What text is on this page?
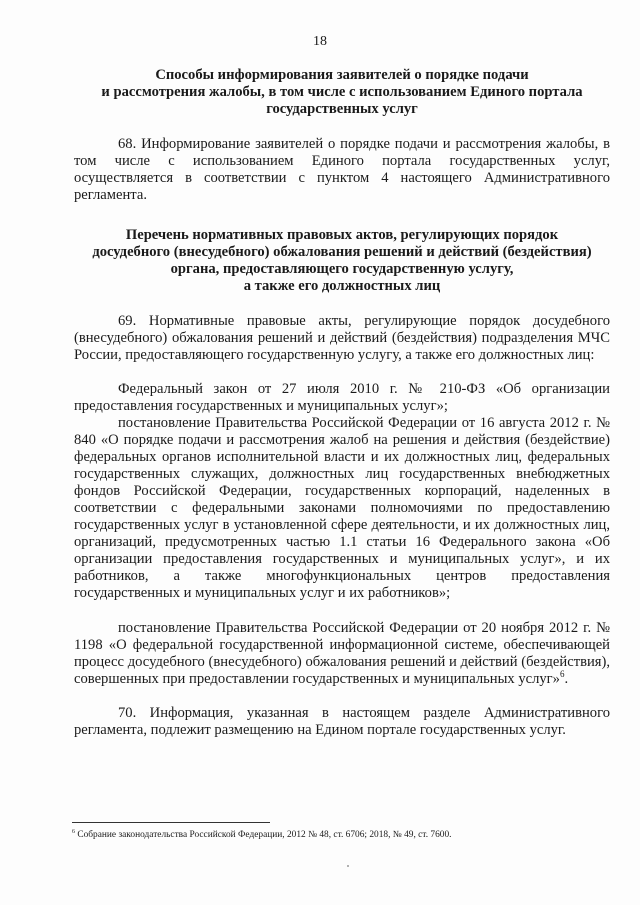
18
Способы информирования заявителей о порядке подачи
и рассмотрения жалобы, в том числе с использованием Единого портала
государственных услуг
68. Информирование заявителей о порядке подачи и рассмотрения жалобы, в том числе с использованием Единого портала государственных услуг, осуществляется в соответствии с пунктом 4 настоящего Административного регламента.
Перечень нормативных правовых актов, регулирующих порядок
досудебного (внесудебного) обжалования решений и действий (бездействия)
органа, предоставляющего государственную услугу,
а также его должностных лиц
69. Нормативные правовые акты, регулирующие порядок досудебного (внесудебного) обжалования решений и действий (бездействия) подразделения МЧС России, предоставляющего государственную услугу, а также его должностных лиц:
Федеральный закон от 27 июля 2010 г. № 210-ФЗ «Об организации предоставления государственных и муниципальных услуг»;
постановление Правительства Российской Федерации от 16 августа 2012 г. № 840 «О порядке подачи и рассмотрения жалоб на решения и действия (бездействие) федеральных органов исполнительной власти и их должностных лиц, федеральных государственных служащих, должностных лиц государственных внебюджетных фондов Российской Федерации, государственных корпораций, наделенных в соответствии с федеральными законами полномочиями по предоставлению государственных услуг в установленной сфере деятельности, и их должностных лиц, организаций, предусмотренных частью 1.1 статьи 16 Федерального закона «Об организации предоставления государственных и муниципальных услуг», и их работников, а также многофункциональных центров предоставления государственных и муниципальных услуг и их работников»;
постановление Правительства Российской Федерации от 20 ноября 2012 г. № 1198 «О федеральной государственной информационной системе, обеспечивающей процесс досудебного (внесудебного) обжалования решений и действий (бездействия), совершенных при предоставлении государственных и муниципальных услуг»$^6$.
70. Информация, указанная в настоящем разделе Административного регламента, подлежит размещению на Едином портале государственных услуг.
$^6$ Собрание законодательства Российской Федерации, 2012 № 48, ст. 6706; 2018, № 49, ст. 7600.
